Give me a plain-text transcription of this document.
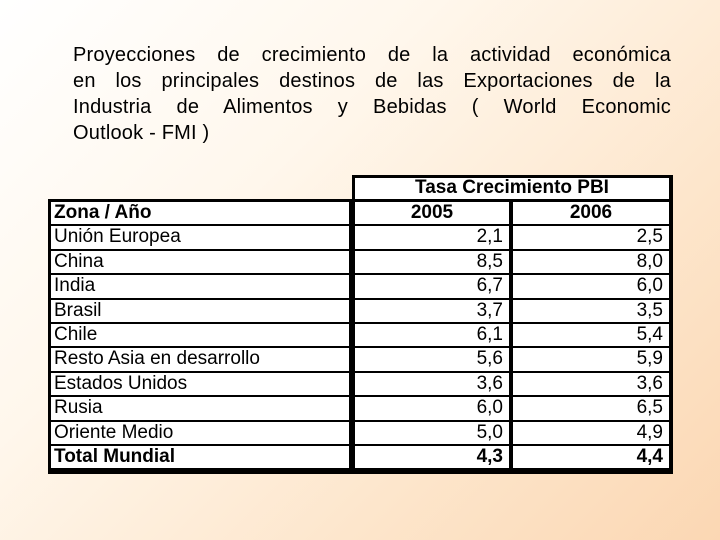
Proyecciones de crecimiento de la actividad económica
en los principales destinos de las Exportaciones de la
Industria de Alimentos y Bebidas ( World Economic
Outlook - FMI )
Tasa Crecimiento PBI
Zona / Año	2005	2006
Unión Europea	2,1	2,5
China	8,5	8,0
India	6,7	6,0
Brasil	3,7	3,5
Chile	6,1	5,4
Resto Asia en desarrollo	5,6	5,9
Estados Unidos	3,6	3,6
Rusia	6,0	6,5
Oriente Medio	5,0	4,9
Total Mundial	4,3	4,4
